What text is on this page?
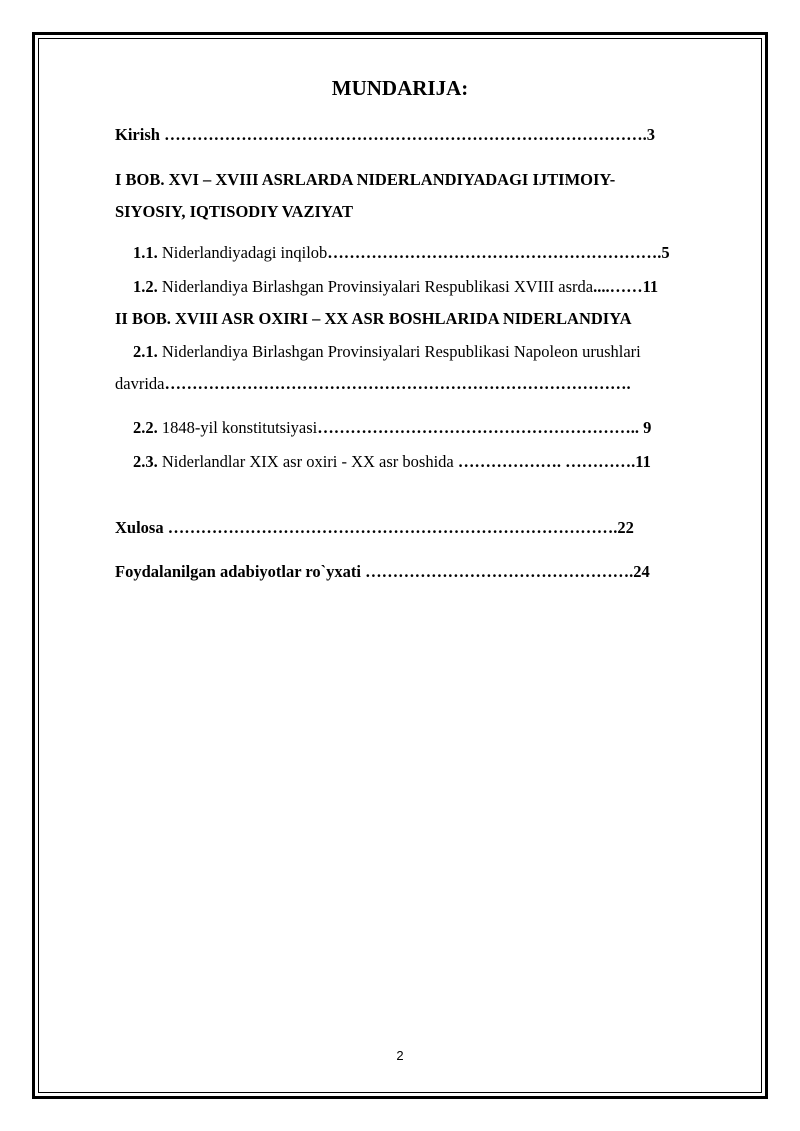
MUNDARIJA:
Kirish …………………………………………………………………………….3
I BOB. XVI – XVIII ASRLARDA NIDERLANDIYADAGI IJTIMOIY-
SIYOSIY, IQTISODIY VAZIYAT
1.1. Niderlandiyadagi inqilob…………………………………………………….5
1.2. Niderlandiya Birlashgan Provinsiyalari Respublikasi XVIII asrda....……11
II BOB. XVIII ASR OXIRI – XX ASR BOSHLARIDA NIDERLANDIYA
2.1. Niderlandiya Birlashgan Provinsiyalari Respublikasi Napoleon urushlari
davrida………………………………………………………………………….
2.2. 1848-yil konstitutsiyasi………………………………………………….. 9
2.3. Niderlandlar XIX asr oxiri - XX asr boshida ………………. ………….11
Xulosa ……………………………………………………………………….22
Foydalanilgan adabiyotlar ro`yxati ………………………………………….24
2
